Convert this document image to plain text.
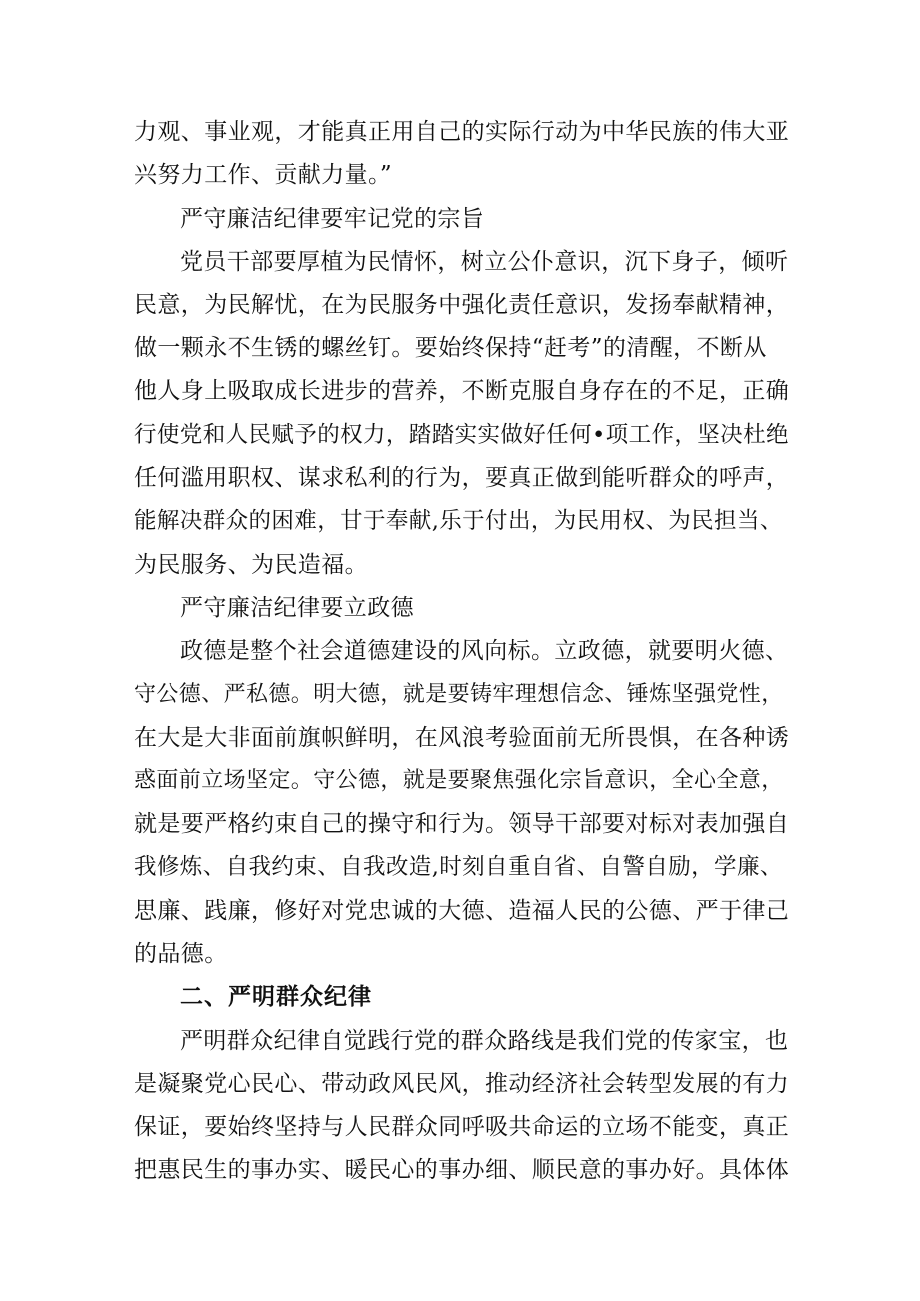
力观、事业观，才能真正用自己的实际行动为中华民族的伟大亚
兴努力工作、贡献力量。”
严守廉洁纪律要牢记党的宗旨
党员干部要厚植为民情怀，树立公仆意识，沉下身子，倾听
民意，为民解忧，在为民服务中强化责任意识，发扬奉献精神，
做一颗永不生锈的螺丝钉。要始终保持“赶考”的清醒，不断从
他人身上吸取成长进步的营养，不断克服自身存在的不足，正确
行使党和人民赋予的权力，踏踏实实做好任何•项工作，坚决杜绝
任何滥用职权、谋求私利的行为，要真正做到能听群众的呼声，
能解决群众的困难，甘于奉献,乐于付出，为民用权、为民担当、
为民服务、为民造福。
严守廉洁纪律要立政德
政德是整个社会道德建设的风向标。立政德，就要明火德、
守公德、严私德。明大德，就是要铸牢理想信念、锤炼坚强党性，
在大是大非面前旗帜鲜明，在风浪考验面前无所畏惧，在各种诱
惑面前立场坚定。守公德，就是要聚焦强化宗旨意识，全心全意，
就是要严格约束自己的操守和行为。领导干部要对标对表加强自
我修炼、自我约束、自我改造,时刻自重自省、自警自励，学廉、
思廉、践廉，修好对党忠诚的大德、造福人民的公德、严于律己
的品德。
二、严明群众纪律
严明群众纪律自觉践行党的群众路线是我们党的传家宝，也
是凝聚党心民心、带动政风民风，推动经济社会转型发展的有力
保证，要始终坚持与人民群众同呼吸共命运的立场不能变，真正
把惠民生的事办实、暖民心的事办细、顺民意的事办好。具体体
